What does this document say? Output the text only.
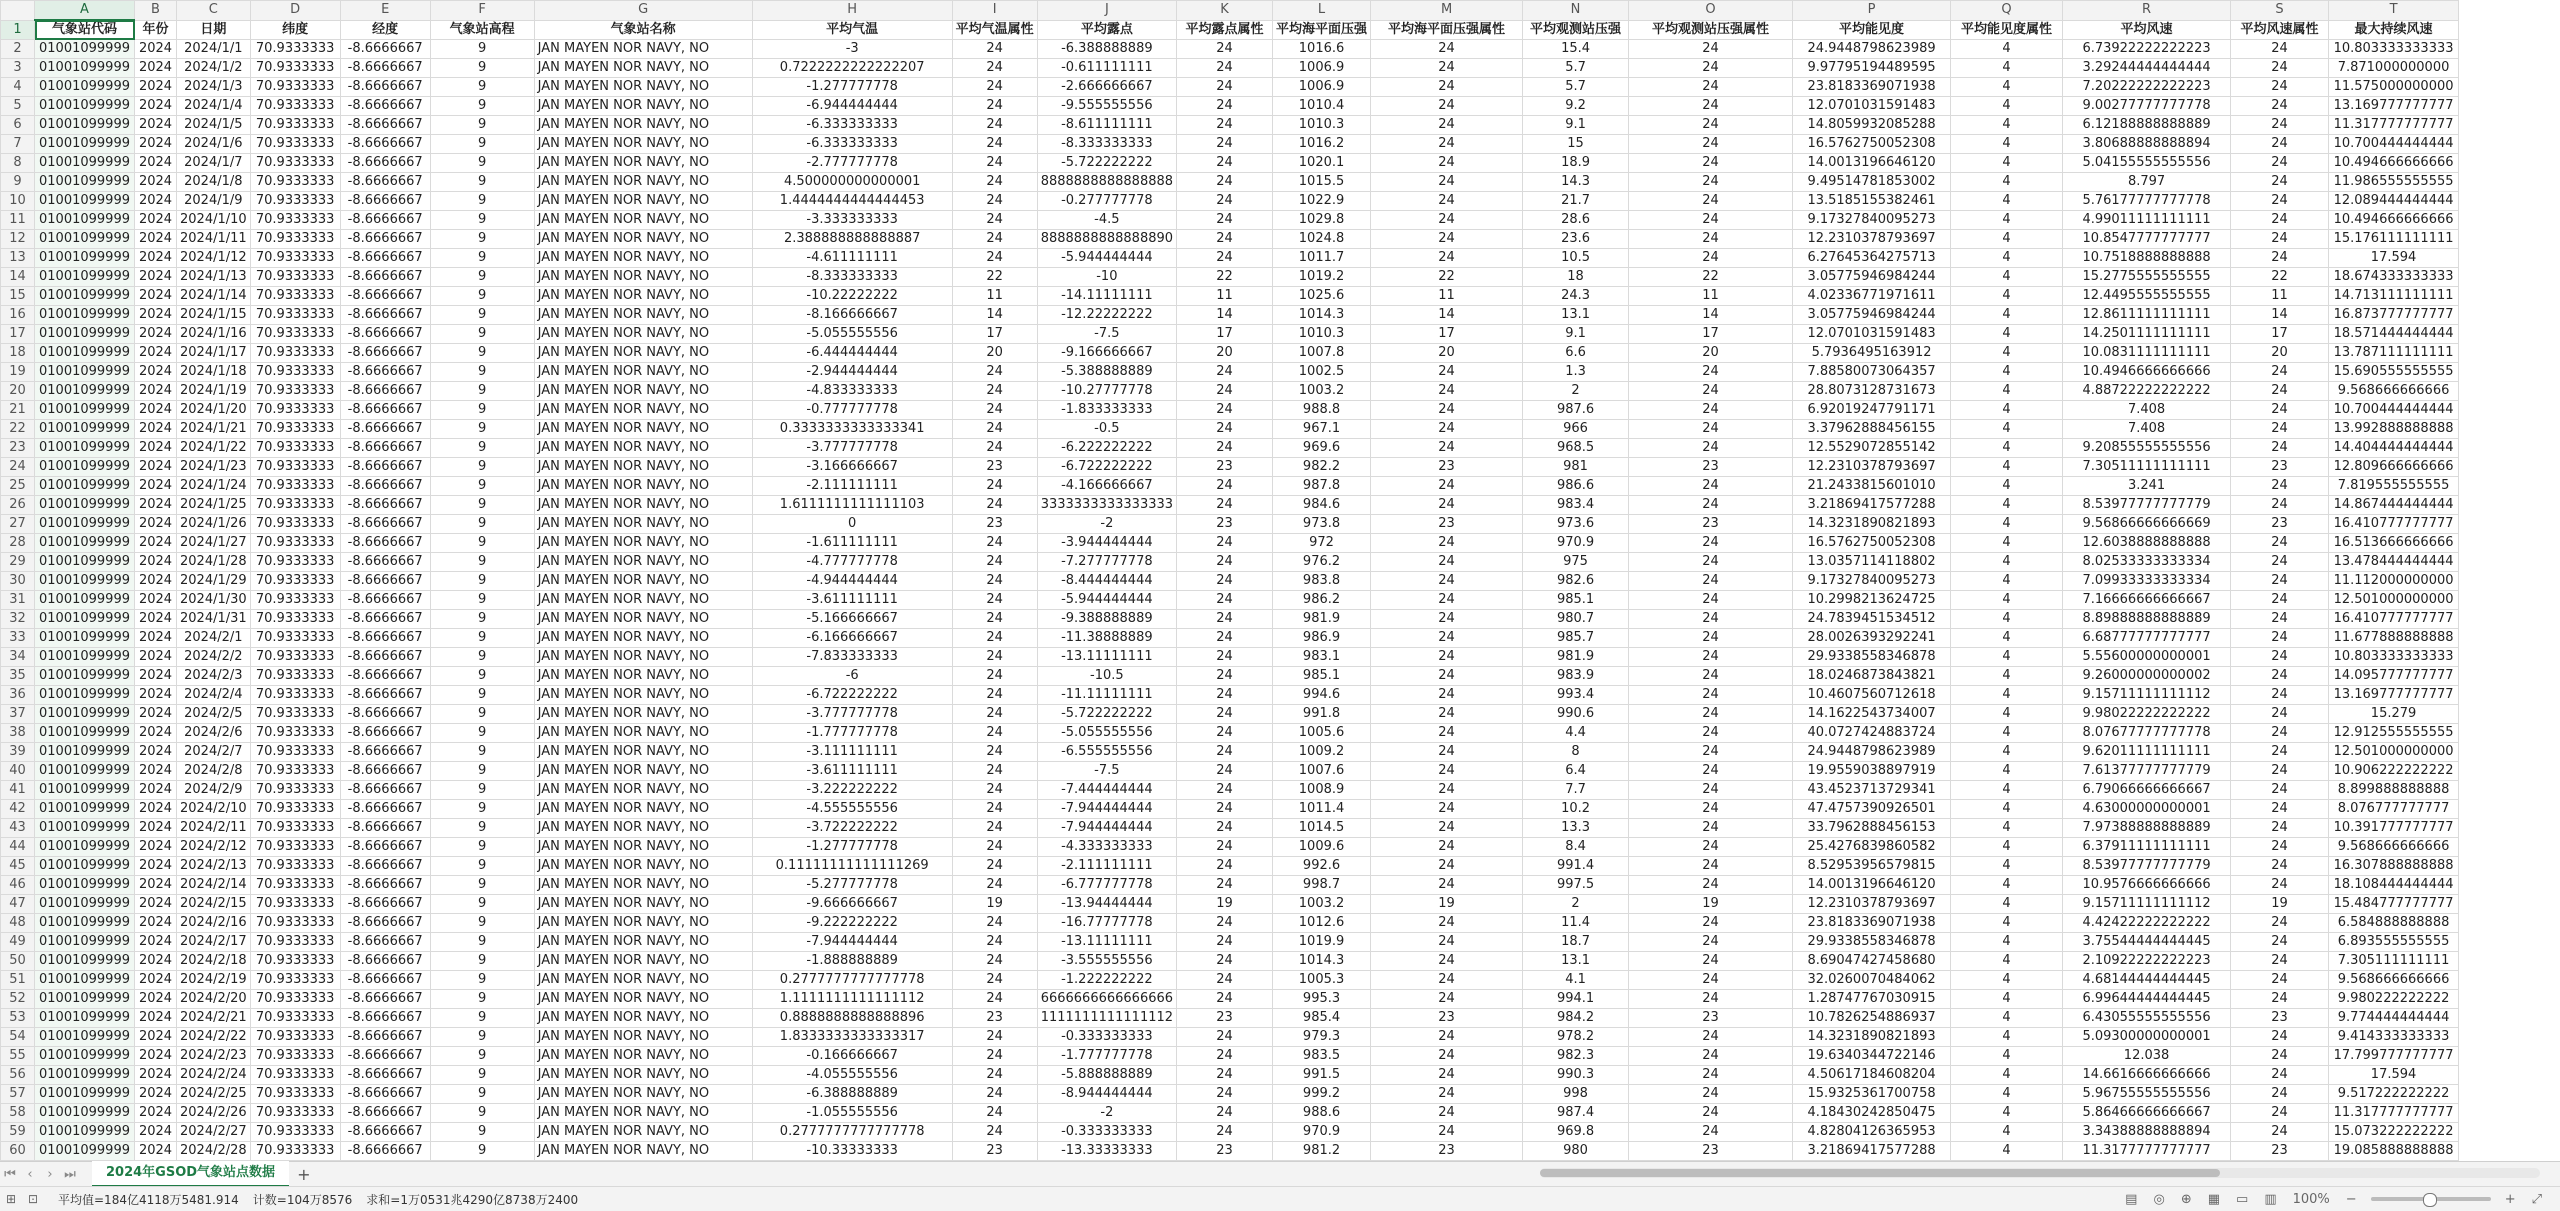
	A	B	C	D	E	F	G	H	I	J	K	L	M	N	O	P	Q	R	S	T
1	气象站代码	年份	日期	纬度	经度	气象站高程	气象站名称	平均气温	平均气温属性	平均露点	平均露点属性	平均海平面压强	平均海平面压强属性	平均观测站压强	平均观测站压强属性	平均能见度	平均能见度属性	平均风速	平均风速属性	最大持续风速
2	01001099999	2024	2024/1/1	70.9333333	-8.6666667	9	JAN MAYEN NOR NAVY, NO	-3	24	-6.388888889	24	1016.6	24	15.4	24	24.9448798623989	4	6.73922222222223	24	10.803333333333
3	01001099999	2024	2024/1/2	70.9333333	-8.6666667	9	JAN MAYEN NOR NAVY, NO	0.7222222222222207	24	-0.611111111	24	1006.9	24	5.7	24	9.97795194489595	4	3.29244444444444	24	7.871000000000
4	01001099999	2024	2024/1/3	70.9333333	-8.6666667	9	JAN MAYEN NOR NAVY, NO	-1.277777778	24	-2.666666667	24	1006.9	24	5.7	24	23.8183369071938	4	7.20222222222223	24	11.575000000000
5	01001099999	2024	2024/1/4	70.9333333	-8.6666667	9	JAN MAYEN NOR NAVY, NO	-6.944444444	24	-9.555555556	24	1010.4	24	9.2	24	12.0701031591483	4	9.00277777777778	24	13.169777777777
6	01001099999	2024	2024/1/5	70.9333333	-8.6666667	9	JAN MAYEN NOR NAVY, NO	-6.333333333	24	-8.611111111	24	1010.3	24	9.1	24	14.8059932085288	4	6.12188888888889	24	11.317777777777
7	01001099999	2024	2024/1/6	70.9333333	-8.6666667	9	JAN MAYEN NOR NAVY, NO	-6.333333333	24	-8.333333333	24	1016.2	24	15	24	16.5762750052308	4	3.80688888888894	24	10.700444444444
8	01001099999	2024	2024/1/7	70.9333333	-8.6666667	9	JAN MAYEN NOR NAVY, NO	-2.777777778	24	-5.722222222	24	1020.1	24	18.9	24	14.0013196646120	4	5.04155555555556	24	10.494666666666
9	01001099999	2024	2024/1/8	70.9333333	-8.6666667	9	JAN MAYEN NOR NAVY, NO	4.500000000000001	24	8888888888888888	24	1015.5	24	14.3	24	9.49514781853002	4	8.797	24	11.986555555555
10	01001099999	2024	2024/1/9	70.9333333	-8.6666667	9	JAN MAYEN NOR NAVY, NO	1.4444444444444453	24	-0.277777778	24	1022.9	24	21.7	24	13.5185155382461	4	5.76177777777778	24	12.089444444444
11	01001099999	2024	2024/1/10	70.9333333	-8.6666667	9	JAN MAYEN NOR NAVY, NO	-3.333333333	24	-4.5	24	1029.8	24	28.6	24	9.17327840095273	4	4.99011111111111	24	10.494666666666
12	01001099999	2024	2024/1/11	70.9333333	-8.6666667	9	JAN MAYEN NOR NAVY, NO	2.388888888888887	24	8888888888888890	24	1024.8	24	23.6	24	12.2310378793697	4	10.8547777777777	24	15.176111111111
13	01001099999	2024	2024/1/12	70.9333333	-8.6666667	9	JAN MAYEN NOR NAVY, NO	-4.611111111	24	-5.944444444	24	1011.7	24	10.5	24	6.27645364275713	4	10.7518888888888	24	17.594
14	01001099999	2024	2024/1/13	70.9333333	-8.6666667	9	JAN MAYEN NOR NAVY, NO	-8.333333333	22	-10	22	1019.2	22	18	22	3.05775946984244	4	15.2775555555555	22	18.674333333333
15	01001099999	2024	2024/1/14	70.9333333	-8.6666667	9	JAN MAYEN NOR NAVY, NO	-10.22222222	11	-14.11111111	11	1025.6	11	24.3	11	4.02336771971611	4	12.4495555555555	11	14.713111111111
16	01001099999	2024	2024/1/15	70.9333333	-8.6666667	9	JAN MAYEN NOR NAVY, NO	-8.166666667	14	-12.22222222	14	1014.3	14	13.1	14	3.05775946984244	4	12.8611111111111	14	16.873777777777
17	01001099999	2024	2024/1/16	70.9333333	-8.6666667	9	JAN MAYEN NOR NAVY, NO	-5.055555556	17	-7.5	17	1010.3	17	9.1	17	12.0701031591483	4	14.2501111111111	17	18.571444444444
18	01001099999	2024	2024/1/17	70.9333333	-8.6666667	9	JAN MAYEN NOR NAVY, NO	-6.444444444	20	-9.166666667	20	1007.8	20	6.6	20	5.7936495163912	4	10.0831111111111	20	13.787111111111
19	01001099999	2024	2024/1/18	70.9333333	-8.6666667	9	JAN MAYEN NOR NAVY, NO	-2.944444444	24	-5.388888889	24	1002.5	24	1.3	24	7.88580073064357	4	10.4946666666666	24	15.690555555555
20	01001099999	2024	2024/1/19	70.9333333	-8.6666667	9	JAN MAYEN NOR NAVY, NO	-4.833333333	24	-10.27777778	24	1003.2	24	2	24	28.8073128731673	4	4.88722222222222	24	9.568666666666
21	01001099999	2024	2024/1/20	70.9333333	-8.6666667	9	JAN MAYEN NOR NAVY, NO	-0.777777778	24	-1.833333333	24	988.8	24	987.6	24	6.92019247791171	4	7.408	24	10.700444444444
22	01001099999	2024	2024/1/21	70.9333333	-8.6666667	9	JAN MAYEN NOR NAVY, NO	0.3333333333333341	24	-0.5	24	967.1	24	966	24	3.37962888456155	4	7.408	24	13.992888888888
23	01001099999	2024	2024/1/22	70.9333333	-8.6666667	9	JAN MAYEN NOR NAVY, NO	-3.777777778	24	-6.222222222	24	969.6	24	968.5	24	12.5529072855142	4	9.20855555555556	24	14.404444444444
24	01001099999	2024	2024/1/23	70.9333333	-8.6666667	9	JAN MAYEN NOR NAVY, NO	-3.166666667	23	-6.722222222	23	982.2	23	981	23	12.2310378793697	4	7.30511111111111	23	12.809666666666
25	01001099999	2024	2024/1/24	70.9333333	-8.6666667	9	JAN MAYEN NOR NAVY, NO	-2.111111111	24	-4.166666667	24	987.8	24	986.6	24	21.2433815601010	4	3.241	24	7.819555555555
26	01001099999	2024	2024/1/25	70.9333333	-8.6666667	9	JAN MAYEN NOR NAVY, NO	1.6111111111111103	24	3333333333333333	24	984.6	24	983.4	24	3.21869417577288	4	8.53977777777779	24	14.867444444444
27	01001099999	2024	2024/1/26	70.9333333	-8.6666667	9	JAN MAYEN NOR NAVY, NO	0	23	-2	23	973.8	23	973.6	23	14.3231890821893	4	9.56866666666669	23	16.410777777777
28	01001099999	2024	2024/1/27	70.9333333	-8.6666667	9	JAN MAYEN NOR NAVY, NO	-1.611111111	24	-3.944444444	24	972	24	970.9	24	16.5762750052308	4	12.6038888888888	24	16.513666666666
29	01001099999	2024	2024/1/28	70.9333333	-8.6666667	9	JAN MAYEN NOR NAVY, NO	-4.777777778	24	-7.277777778	24	976.2	24	975	24	13.0357114118802	4	8.02533333333334	24	13.478444444444
30	01001099999	2024	2024/1/29	70.9333333	-8.6666667	9	JAN MAYEN NOR NAVY, NO	-4.944444444	24	-8.444444444	24	983.8	24	982.6	24	9.17327840095273	4	7.09933333333334	24	11.112000000000
31	01001099999	2024	2024/1/30	70.9333333	-8.6666667	9	JAN MAYEN NOR NAVY, NO	-3.611111111	24	-5.944444444	24	986.2	24	985.1	24	10.2998213624725	4	7.16666666666667	24	12.501000000000
32	01001099999	2024	2024/1/31	70.9333333	-8.6666667	9	JAN MAYEN NOR NAVY, NO	-5.166666667	24	-9.388888889	24	981.9	24	980.7	24	24.7839451534512	4	8.89888888888889	24	16.410777777777
33	01001099999	2024	2024/2/1	70.9333333	-8.6666667	9	JAN MAYEN NOR NAVY, NO	-6.166666667	24	-11.38888889	24	986.9	24	985.7	24	28.0026393292241	4	6.68777777777777	24	11.677888888888
34	01001099999	2024	2024/2/2	70.9333333	-8.6666667	9	JAN MAYEN NOR NAVY, NO	-7.833333333	24	-13.11111111	24	983.1	24	981.9	24	29.9338558346878	4	5.55600000000001	24	10.803333333333
35	01001099999	2024	2024/2/3	70.9333333	-8.6666667	9	JAN MAYEN NOR NAVY, NO	-6	24	-10.5	24	985.1	24	983.9	24	18.0246873843821	4	9.26000000000002	24	14.095777777777
36	01001099999	2024	2024/2/4	70.9333333	-8.6666667	9	JAN MAYEN NOR NAVY, NO	-6.722222222	24	-11.11111111	24	994.6	24	993.4	24	10.4607560712618	4	9.15711111111112	24	13.169777777777
37	01001099999	2024	2024/2/5	70.9333333	-8.6666667	9	JAN MAYEN NOR NAVY, NO	-3.777777778	24	-5.722222222	24	991.8	24	990.6	24	14.1622543734007	4	9.98022222222222	24	15.279
38	01001099999	2024	2024/2/6	70.9333333	-8.6666667	9	JAN MAYEN NOR NAVY, NO	-1.777777778	24	-5.055555556	24	1005.6	24	4.4	24	40.0727424883724	4	8.07677777777778	24	12.912555555555
39	01001099999	2024	2024/2/7	70.9333333	-8.6666667	9	JAN MAYEN NOR NAVY, NO	-3.111111111	24	-6.555555556	24	1009.2	24	8	24	24.9448798623989	4	9.62011111111111	24	12.501000000000
40	01001099999	2024	2024/2/8	70.9333333	-8.6666667	9	JAN MAYEN NOR NAVY, NO	-3.611111111	24	-7.5	24	1007.6	24	6.4	24	19.9559038897919	4	7.61377777777779	24	10.906222222222
41	01001099999	2024	2024/2/9	70.9333333	-8.6666667	9	JAN MAYEN NOR NAVY, NO	-3.222222222	24	-7.444444444	24	1008.9	24	7.7	24	43.4523713729341	4	6.79066666666667	24	8.899888888888
42	01001099999	2024	2024/2/10	70.9333333	-8.6666667	9	JAN MAYEN NOR NAVY, NO	-4.555555556	24	-7.944444444	24	1011.4	24	10.2	24	47.4757390926501	4	4.63000000000001	24	8.076777777777
43	01001099999	2024	2024/2/11	70.9333333	-8.6666667	9	JAN MAYEN NOR NAVY, NO	-3.722222222	24	-7.944444444	24	1014.5	24	13.3	24	33.7962888456153	4	7.97388888888889	24	10.391777777777
44	01001099999	2024	2024/2/12	70.9333333	-8.6666667	9	JAN MAYEN NOR NAVY, NO	-1.277777778	24	-4.333333333	24	1009.6	24	8.4	24	25.4276839860582	4	6.37911111111111	24	9.568666666666
45	01001099999	2024	2024/2/13	70.9333333	-8.6666667	9	JAN MAYEN NOR NAVY, NO	0.11111111111111269	24	-2.111111111	24	992.6	24	991.4	24	8.52953956579815	4	8.53977777777779	24	16.307888888888
46	01001099999	2024	2024/2/14	70.9333333	-8.6666667	9	JAN MAYEN NOR NAVY, NO	-5.277777778	24	-6.777777778	24	998.7	24	997.5	24	14.0013196646120	4	10.9576666666666	24	18.108444444444
47	01001099999	2024	2024/2/15	70.9333333	-8.6666667	9	JAN MAYEN NOR NAVY, NO	-9.666666667	19	-13.94444444	19	1003.2	19	2	19	12.2310378793697	4	9.15711111111112	19	15.484777777777
48	01001099999	2024	2024/2/16	70.9333333	-8.6666667	9	JAN MAYEN NOR NAVY, NO	-9.222222222	24	-16.77777778	24	1012.6	24	11.4	24	23.8183369071938	4	4.42422222222222	24	6.584888888888
49	01001099999	2024	2024/2/17	70.9333333	-8.6666667	9	JAN MAYEN NOR NAVY, NO	-7.944444444	24	-13.11111111	24	1019.9	24	18.7	24	29.9338558346878	4	3.75544444444445	24	6.893555555555
50	01001099999	2024	2024/2/18	70.9333333	-8.6666667	9	JAN MAYEN NOR NAVY, NO	-1.888888889	24	-3.555555556	24	1014.3	24	13.1	24	8.69047427458680	4	2.10922222222223	24	7.305111111111
51	01001099999	2024	2024/2/19	70.9333333	-8.6666667	9	JAN MAYEN NOR NAVY, NO	0.2777777777777778	24	-1.222222222	24	1005.3	24	4.1	24	32.0260070484062	4	4.68144444444445	24	9.568666666666
52	01001099999	2024	2024/2/20	70.9333333	-8.6666667	9	JAN MAYEN NOR NAVY, NO	1.1111111111111112	24	6666666666666666	24	995.3	24	994.1	24	1.28747767030915	4	6.99644444444445	24	9.980222222222
53	01001099999	2024	2024/2/21	70.9333333	-8.6666667	9	JAN MAYEN NOR NAVY, NO	0.8888888888888896	23	1111111111111112	23	985.4	23	984.2	23	10.7826254886937	4	6.43055555555556	23	9.774444444444
54	01001099999	2024	2024/2/22	70.9333333	-8.6666667	9	JAN MAYEN NOR NAVY, NO	1.8333333333333317	24	-0.333333333	24	979.3	24	978.2	24	14.3231890821893	4	5.09300000000001	24	9.414333333333
55	01001099999	2024	2024/2/23	70.9333333	-8.6666667	9	JAN MAYEN NOR NAVY, NO	-0.166666667	24	-1.777777778	24	983.5	24	982.3	24	19.6340344722146	4	12.038	24	17.799777777777
56	01001099999	2024	2024/2/24	70.9333333	-8.6666667	9	JAN MAYEN NOR NAVY, NO	-4.055555556	24	-5.888888889	24	991.5	24	990.3	24	4.50617184608204	4	14.6616666666666	24	17.594
57	01001099999	2024	2024/2/25	70.9333333	-8.6666667	9	JAN MAYEN NOR NAVY, NO	-6.388888889	24	-8.944444444	24	999.2	24	998	24	15.9325361700758	4	5.96755555555556	24	9.517222222222
58	01001099999	2024	2024/2/26	70.9333333	-8.6666667	9	JAN MAYEN NOR NAVY, NO	-1.055555556	24	-2	24	988.6	24	987.4	24	4.18430242850475	4	5.86466666666667	24	11.317777777777
59	01001099999	2024	2024/2/27	70.9333333	-8.6666667	9	JAN MAYEN NOR NAVY, NO	0.2777777777777778	24	-0.333333333	24	970.9	24	969.8	24	4.82804126365953	4	3.34388888888894	24	15.073222222222
60	01001099999	2024	2024/2/28	70.9333333	-8.6666667	9	JAN MAYEN NOR NAVY, NO	-10.33333333	23	-13.33333333	23	981.2	23	980	23	3.21869417577288	4	11.3177777777777	23	19.085888888888

⏮ ‹	› ⏭	2024年GSOD气象站点数据	+
⊞ ⊡	平均值=184亿4118万5481.914 计数=104万8576 求和=1万0531兆4290亿8738万2400	▤ ◎ ⊕ ▦ ▭ ▥ 100% −	+ ⤢
